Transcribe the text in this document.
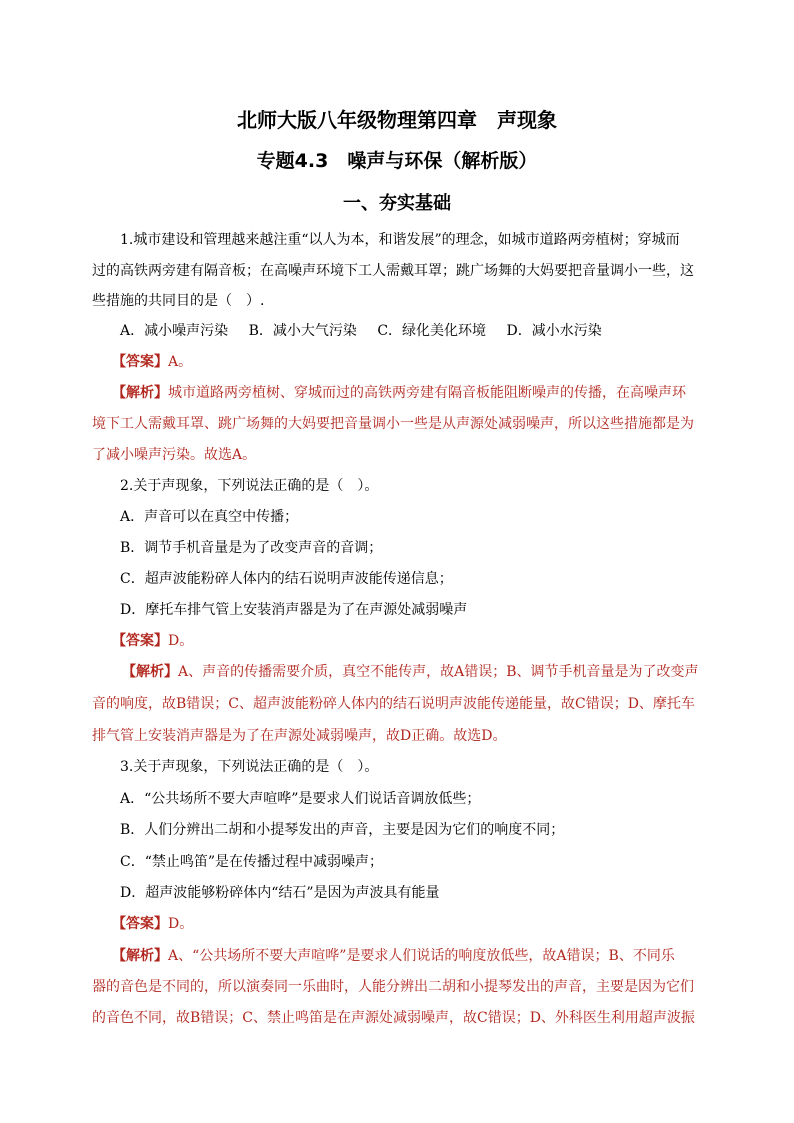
北师大版八年级物理第四章　声现象
专题4.3　噪声与环保（解析版）
一、夯实基础
1.城市建设和管理越来越注重“以人为本，和谐发展”的理念，如城市道路两旁植树；穿城而
过的高铁两旁建有隔音板；在高噪声环境下工人需戴耳罩；跳广场舞的大妈要把音量调小一些，这
些措施的共同目的是（　）.
A．减小噪声污染 B．减小大气污染 C．绿化美化环境 D．减小水污染
【答案】A。
【解析】城市道路两旁植树、穿城而过的高铁两旁建有隔音板能阻断噪声的传播，在高噪声环
境下工人需戴耳罩、跳广场舞的大妈要把音量调小一些是从声源处减弱噪声，所以这些措施都是为
了减小噪声污染。故选A。
2.关于声现象，下列说法正确的是（　）。
A．声音可以在真空中传播；
B．调节手机音量是为了改变声音的音调；
C．超声波能粉碎人体内的结石说明声波能传递信息；
D．摩托车排气管上安装消声器是为了在声源处减弱噪声
【答案】D。
【解析】A、声音的传播需要介质，真空不能传声，故A错误；B、调节手机音量是为了改变声
音的响度，故B错误；C、超声波能粉碎人体内的结石说明声波能传递能量，故C错误；D、摩托车
排气管上安装消声器是为了在声源处减弱噪声，故D正确。故选D。
3.关于声现象，下列说法正确的是（　）。
A．“公共场所不要大声喧哗”是要求人们说话音调放低些；
B．人们分辨出二胡和小提琴发出的声音，主要是因为它们的响度不同；
C．“禁止鸣笛”是在传播过程中减弱噪声；
D．超声波能够粉碎体内“结石”是因为声波具有能量
【答案】D。
【解析】A、“公共场所不要大声喧哗”是要求人们说话的响度放低些，故A错误；B、不同乐
器的音色是不同的，所以演奏同一乐曲时，人能分辨出二胡和小提琴发出的声音，主要是因为它们
的音色不同，故B错误；C、禁止鸣笛是在声源处减弱噪声，故C错误；D、外科医生利用超声波振
